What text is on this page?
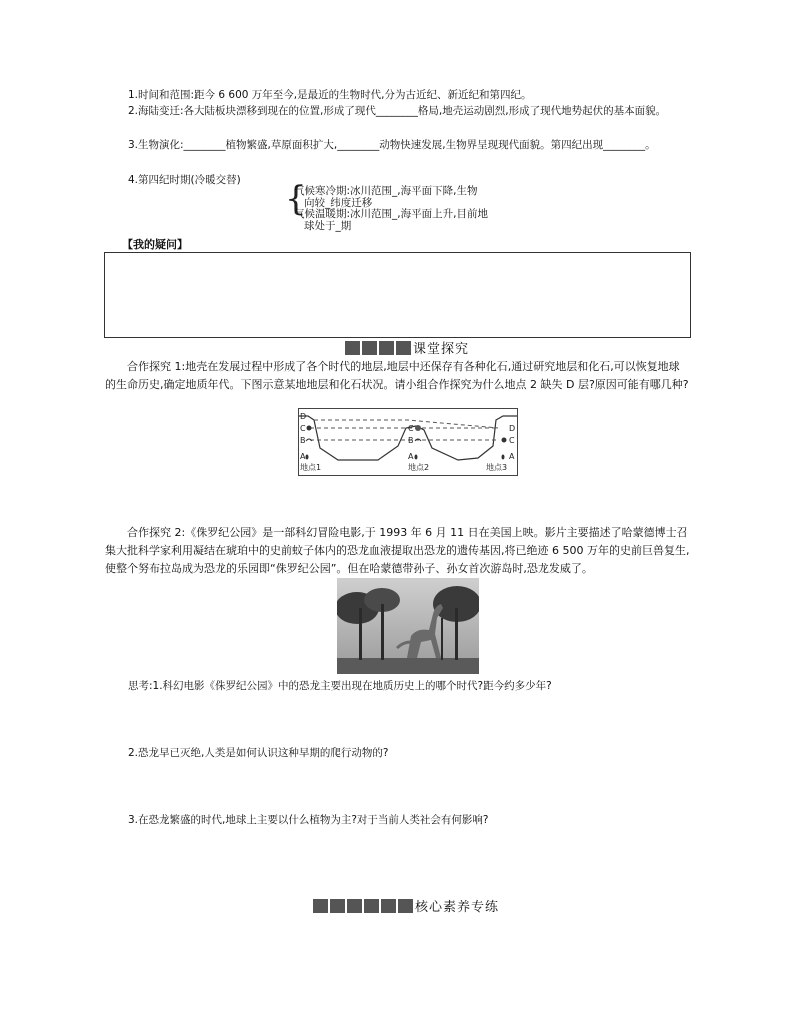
1.时间和范围:距今 6 600 万年至今,是最近的生物时代,分为古近纪、新近纪和第四纪。
2.海陆变迁:各大陆板块漂移到现在的位置,形成了现代________格局,地壳运动剧烈,形成了现代地势起伏的基本面貌。
3.生物演化:________植物繁盛,草原面积扩大,________动物快速发展,生物界呈现现代面貌。第四纪出现________。
4.第四纪时期(冷暖交替) {
气候寒冷期:冰川范围_,海平面下降,生物
向较_纬度迁移
气候温暖期:冰川范围_,海平面上升,目前地
球处于_期
【我的疑问】
课堂探究
合作探究 1:地壳在发展过程中形成了各个时代的地层,地层中还保存有各种化石,通过研究地层和化石,可以恢复地球的生命历史,确定地质年代。下图示意某地地层和化石状况。请小组合作探究为什么地点 2 缺失 D 层?原因可能有哪几种?
D
C
B
A
地点1
C
B
A
地点2
D
C
A
地点3
合作探究 2:《侏罗纪公园》是一部科幻冒险电影,于 1993 年 6 月 11 日在美国上映。影片主要描述了哈蒙德博士召集大批科学家利用凝结在琥珀中的史前蚊子体内的恐龙血液提取出恐龙的遗传基因,将已绝迹 6 500 万年的史前巨兽复生,使整个努布拉岛成为恐龙的乐园即“侏罗纪公园”。但在哈蒙德带孙子、孙女首次游岛时,恐龙发威了。
思考:1.科幻电影《侏罗纪公园》中的恐龙主要出现在地质历史上的哪个时代?距今约多少年?
2.恐龙早已灭绝,人类是如何认识这种早期的爬行动物的?
3.在恐龙繁盛的时代,地球上主要以什么植物为主?对于当前人类社会有何影响?
核心素养专练
